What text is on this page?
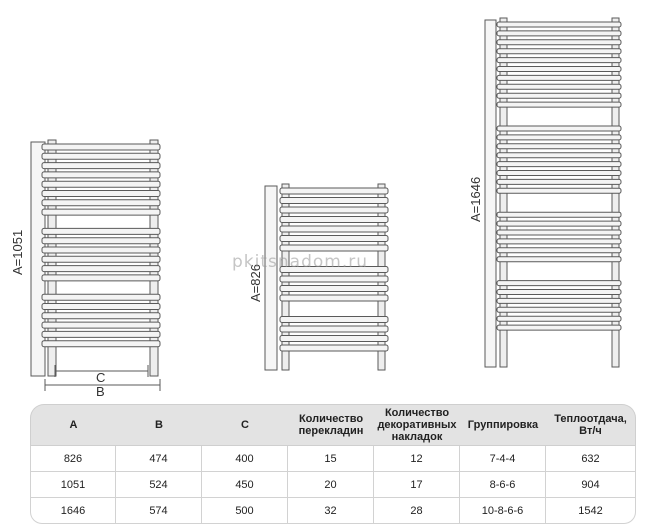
C
B
A=1051
A=826
A=1646
pkitsnadom.ru
A	B	C	Количество перекладин	Количество декоративных накладок	Группировка	Теплоотдача, Вт/ч
826	474	400	15	12	7-4-4	632
1051	524	450	20	17	8-6-6	904
1646	574	500	32	28	10-8-6-6	1542
